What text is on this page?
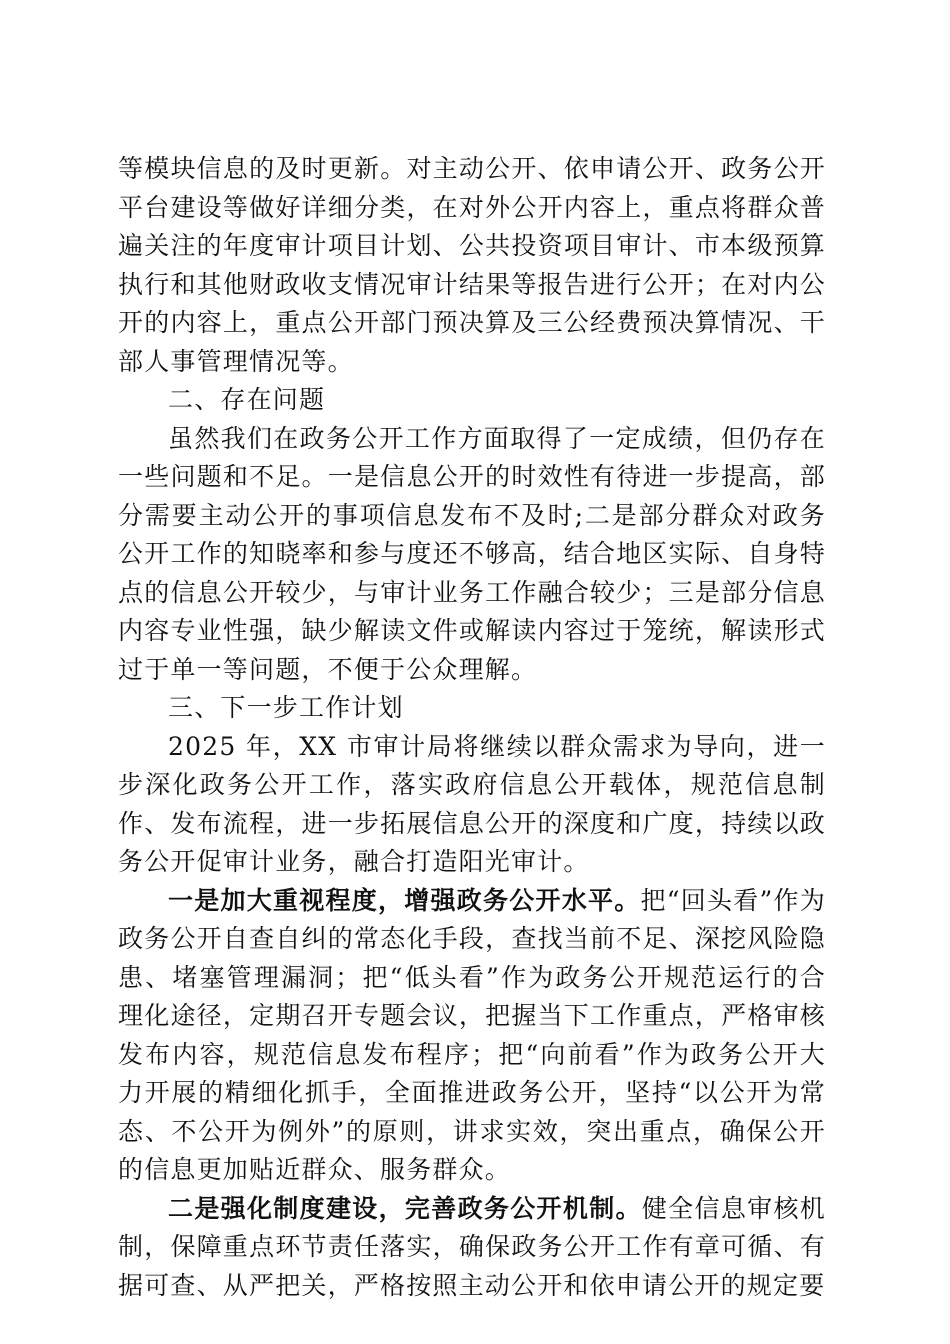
等模块信息的及时更新。对主动公开、依申请公开、政务公开平台建设等做好详细分类，在对外公开内容上，重点将群众普遍关注的年度审计项目计划、公共投资项目审计、市本级预算执行和其他财政收支情况审计结果等报告进行公开；在对内公开的内容上，重点公开部门预决算及三公经费预决算情况、干部人事管理情况等。

二、存在问题

虽然我们在政务公开工作方面取得了一定成绩，但仍存在一些问题和不足。一是信息公开的时效性有待进一步提高，部分需要主动公开的事项信息发布不及时;二是部分群众对政务公开工作的知晓率和参与度还不够高，结合地区实际、自身特点的信息公开较少，与审计业务工作融合较少；三是部分信息内容专业性强，缺少解读文件或解读内容过于笼统，解读形式过于单一等问题，不便于公众理解。

三、下一步工作计划

2025 年，XX 市审计局将继续以群众需求为导向，进一步深化政务公开工作，落实政府信息公开载体，规范信息制作、发布流程，进一步拓展信息公开的深度和广度，持续以政务公开促审计业务，融合打造阳光审计。

一是加大重视程度，增强政务公开水平。把“回头看”作为政务公开自查自纠的常态化手段，查找当前不足、深挖风险隐患、堵塞管理漏洞；把“低头看”作为政务公开规范运行的合理化途径，定期召开专题会议，把握当下工作重点，严格审核发布内容，规范信息发布程序；把“向前看”作为政务公开大力开展的精细化抓手，全面推进政务公开，坚持“以公开为常态、不公开为例外”的原则，讲求实效，突出重点，确保公开的信息更加贴近群众、服务群众。

二是强化制度建设，完善政务公开机制。健全信息审核机制，保障重点环节责任落实，确保政务公开工作有章可循、有据可查、从严把关，严格按照主动公开和依申请公开的规定要
